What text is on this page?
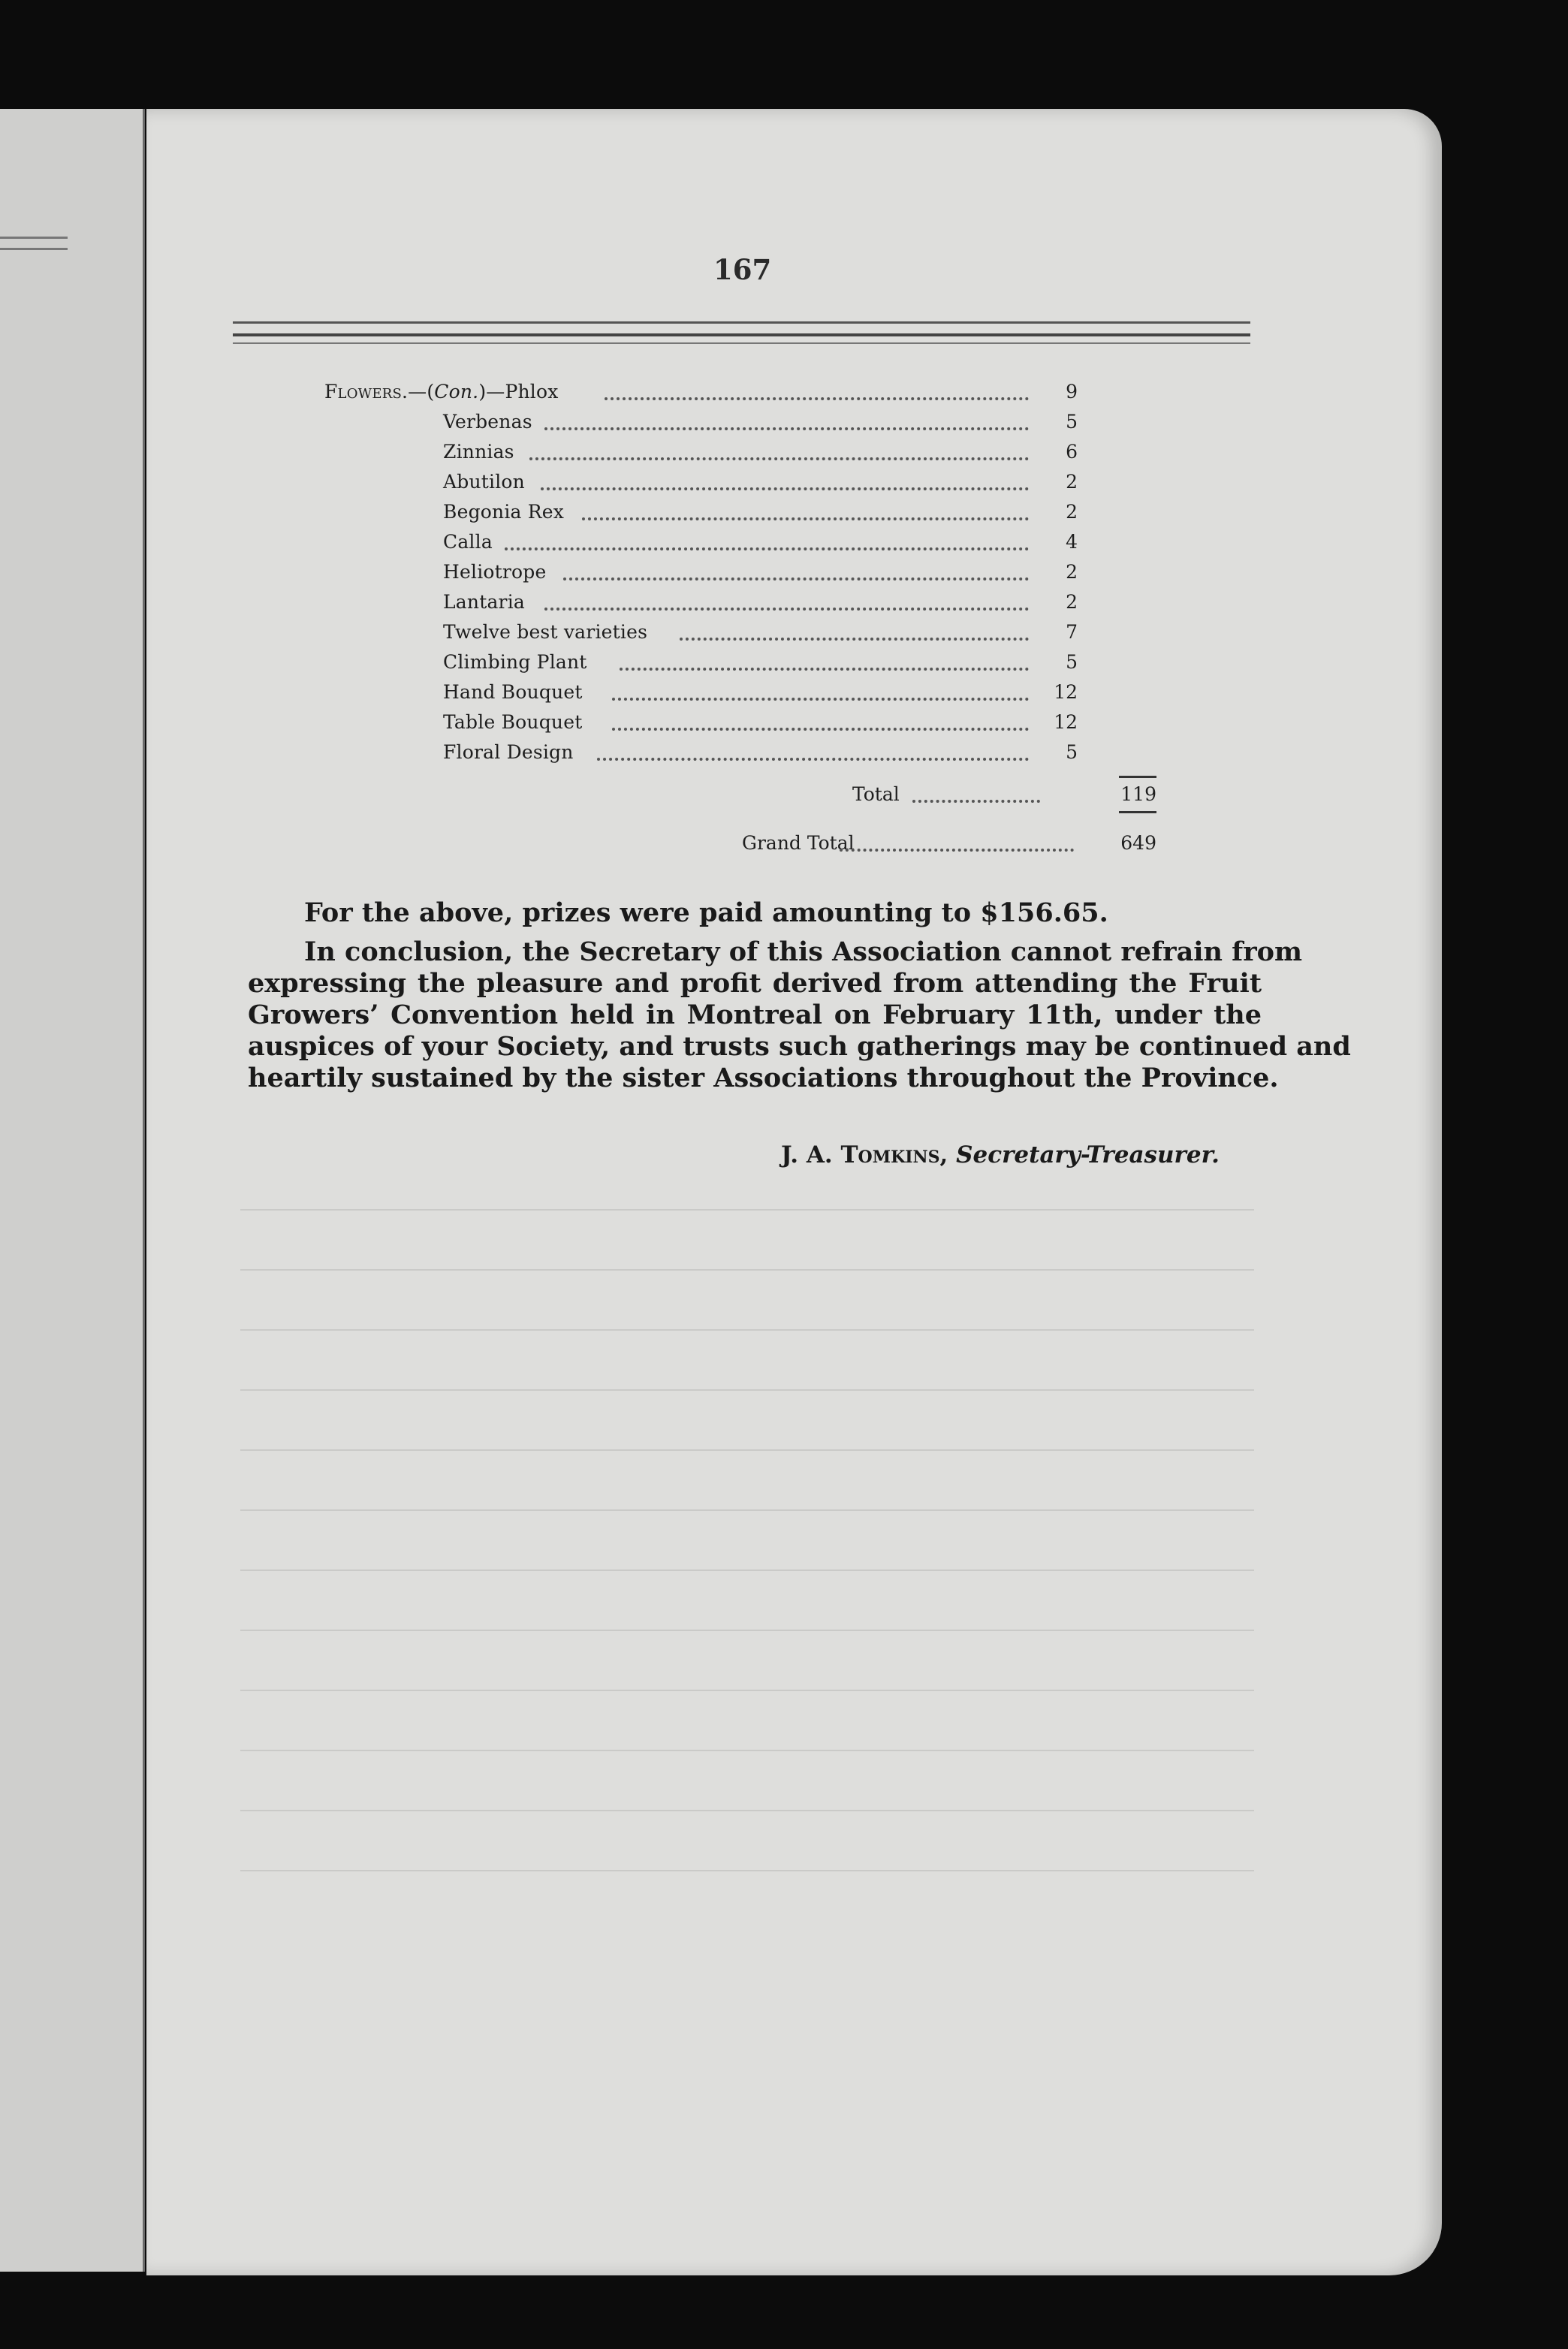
167
Flowers.—(Con.)—Phlox	9
Verbenas	5
Zinnias	6
Abutilon	2
Begonia Rex	2
Calla	4
Heliotrope	2
Lantaria	2
Twelve best varieties	7
Climbing Plant	5
Hand Bouquet	12
Table Bouquet	12
Floral Design	5
Total	119
Grand Total	649
For the above, prizes were paid amounting to $156.65.
In conclusion, the Secretary of this Association cannot refrain from
expressing the pleasure and profit derived from attending the Fruit
Growers’ Convention held in Montreal on February 11th, under the
auspices of your Society, and trusts such gatherings may be continued and
heartily sustained by the sister Associations throughout the Province.
J. A. Tomkins, Secretary-Treasurer.
